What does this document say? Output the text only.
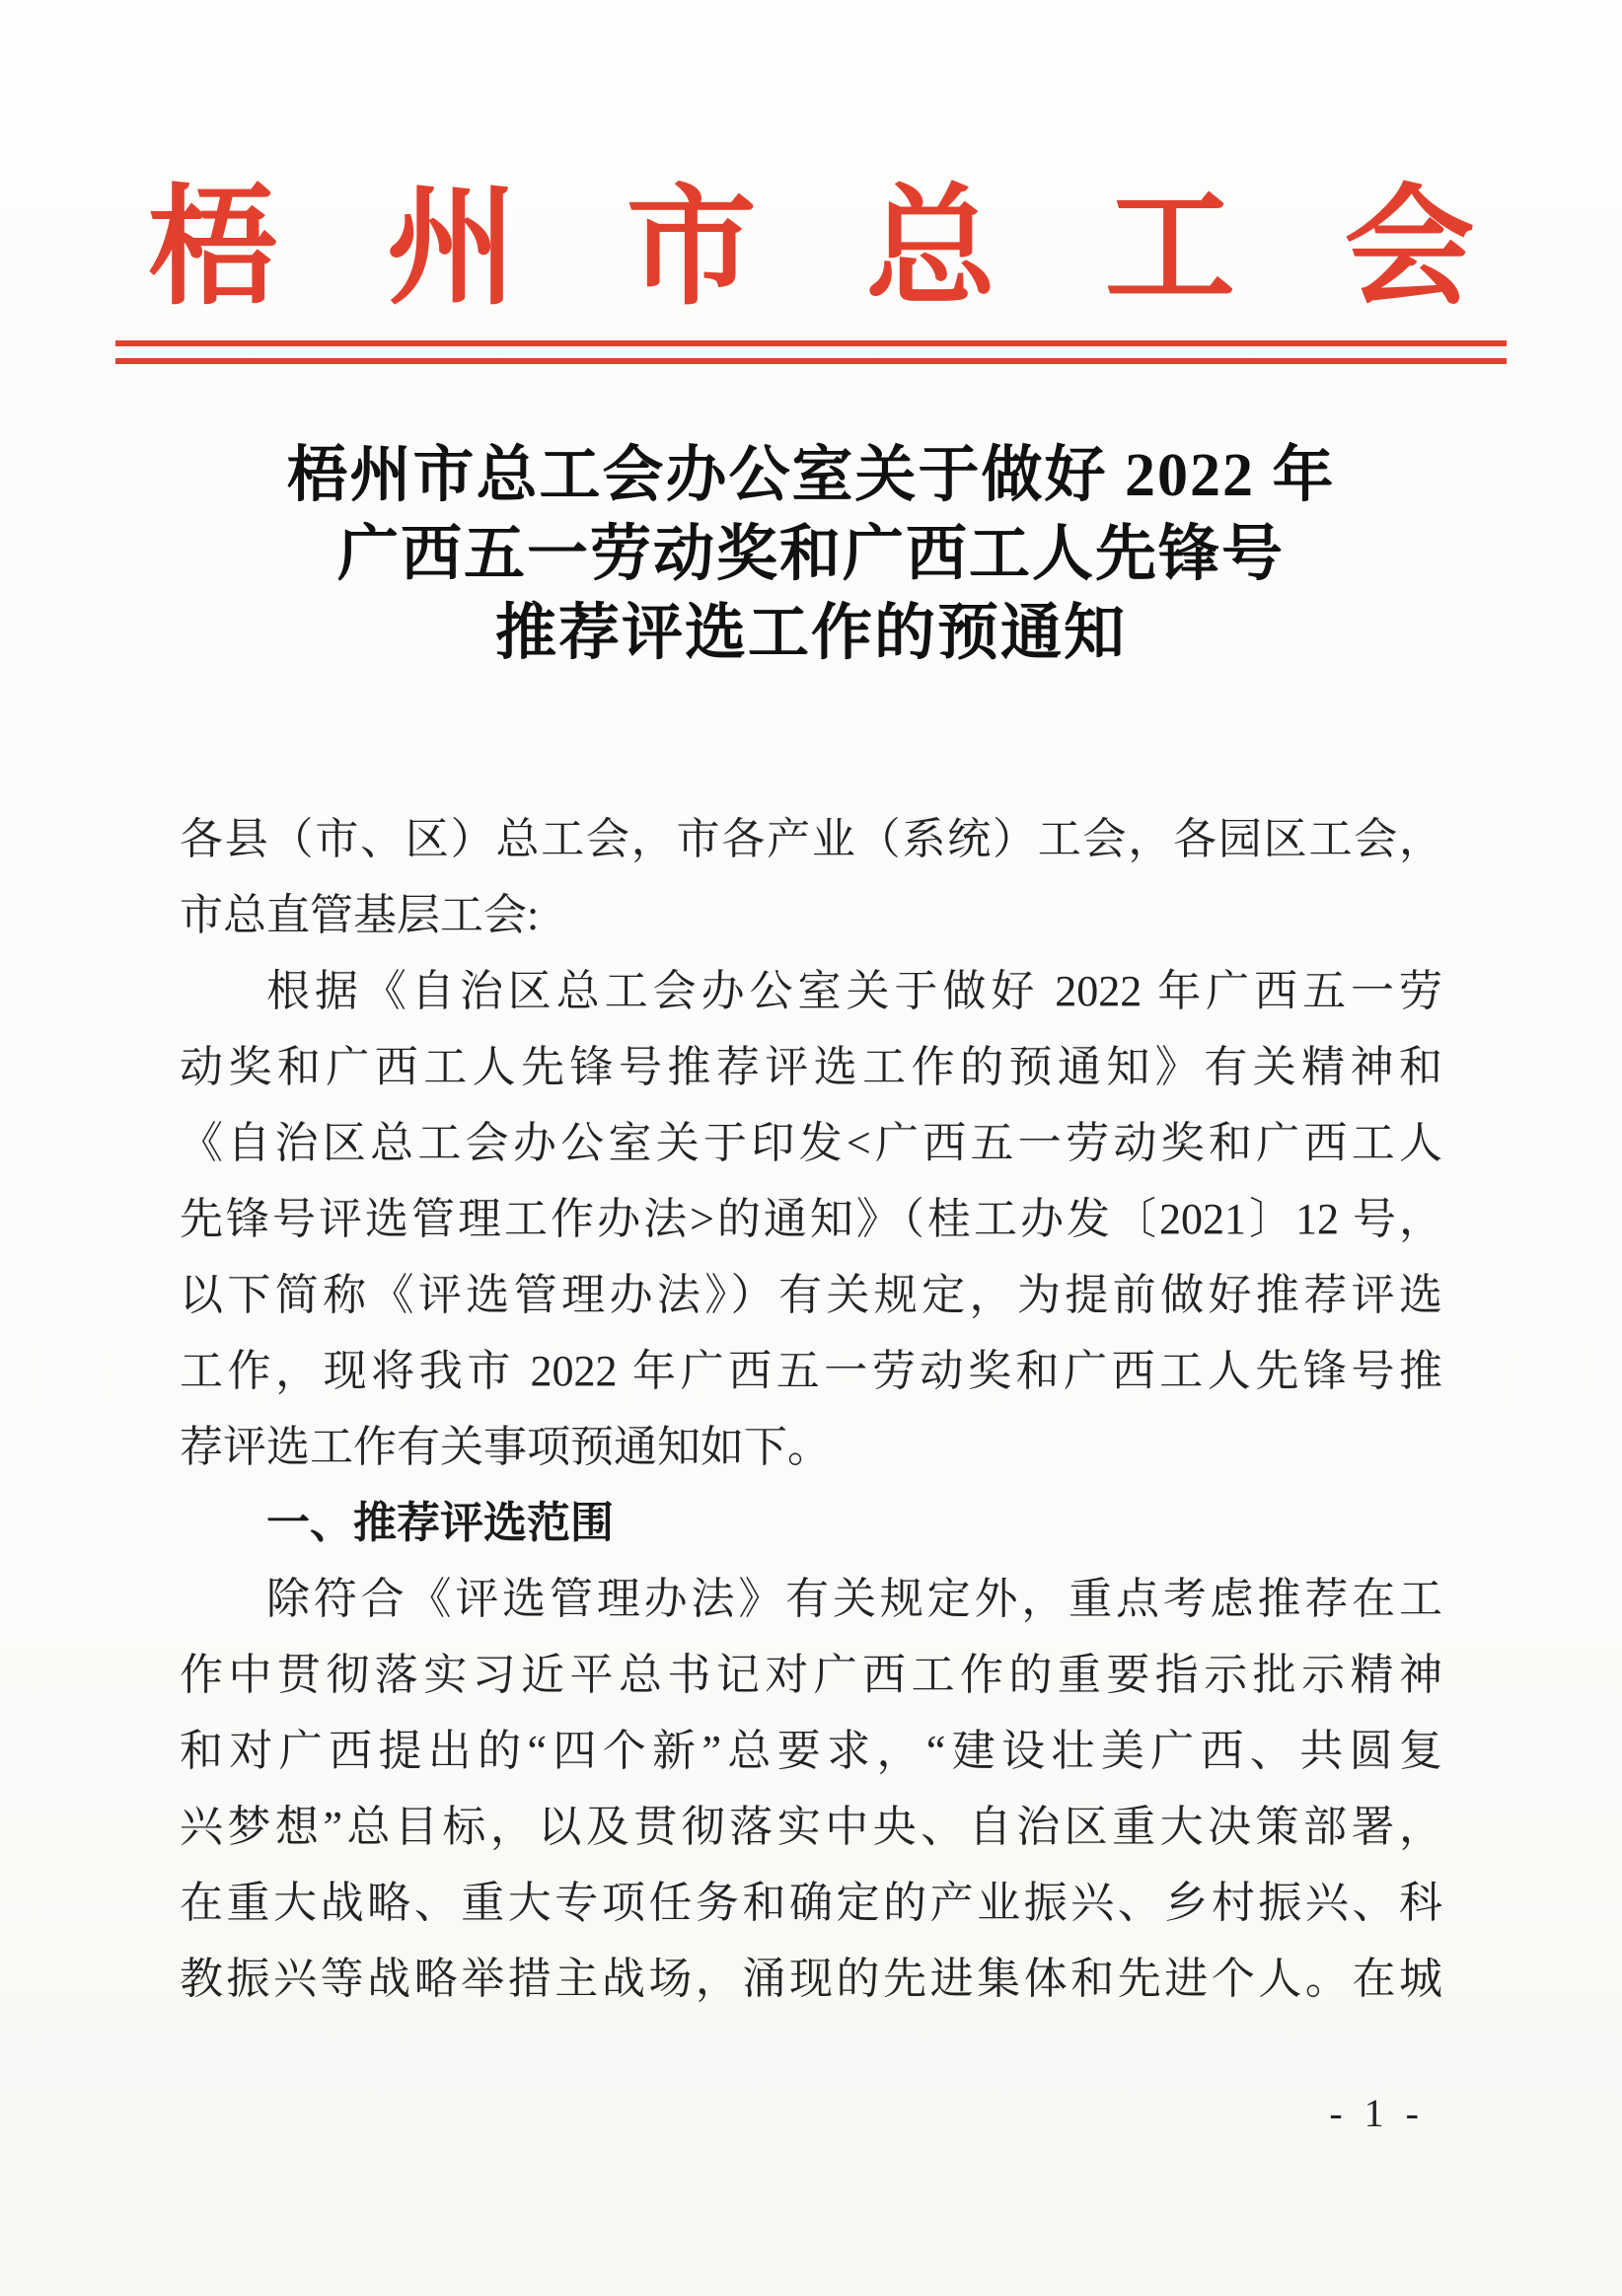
梧州市总工会
梧州市总工会办公室关于做好 2022 年
广西五一劳动奖和广西工人先锋号
推荐评选工作的预通知
各县（市、区）总工会，市各产业（系统）工会，各园区工会，
市总直管基层工会:
根据《自治区总工会办公室关于做好 2022 年广西五一劳
动奖和广西工人先锋号推荐评选工作的预通知》有关精神和
《自治区总工会办公室关于印发<广西五一劳动奖和广西工人
先锋号评选管理工作办法>的通知》（桂工办发〔2021〕12 号，
以下简称《评选管理办法》）有关规定，为提前做好推荐评选
工作，现将我市 2022 年广西五一劳动奖和广西工人先锋号推
荐评选工作有关事项预通知如下。
一、推荐评选范围
除符合《评选管理办法》有关规定外，重点考虑推荐在工
作中贯彻落实习近平总书记对广西工作的重要指示批示精神
和对广西提出的“四个新”总要求，“建设壮美广西、共圆复
兴梦想”总目标，以及贯彻落实中央、自治区重大决策部署，
在重大战略、重大专项任务和确定的产业振兴、乡村振兴、科
教振兴等战略举措主战场，涌现的先进集体和先进个人。在城
- 1 -
